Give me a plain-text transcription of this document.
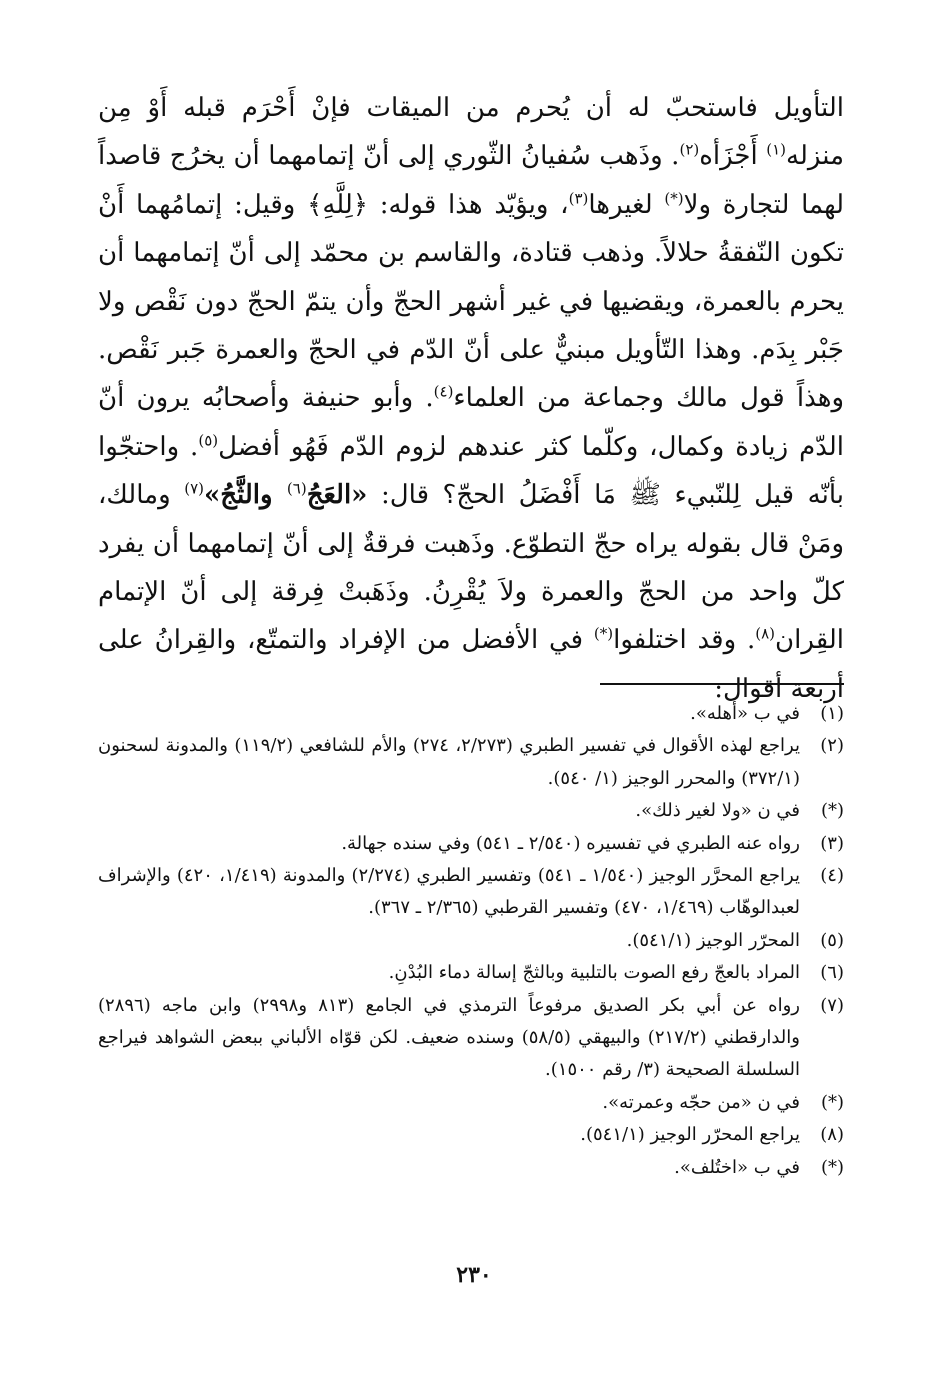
التأويل فاستحبّ له أن يُحرم من الميقات فإنْ أَحْرَم قبله أَوْ مِن منزله$^{(١)}$ أَجْزَأه$^{(٢)}$. وذَهب سُفيانُ الثّوري إلى أنّ إتمامهما أن يخرُج قاصداً لهما لتجارة ولا(*) لغيرها$^{(٣)}$، ويؤيّد هذا قوله: ﴿لِلَّهِ﴾ وقيل: إتمامُهما أَنْ تكون النّفقةُ حلالاً. وذهب قتادة، والقاسم بن محمّد إلى أنّ إتمامهما أن يحرم بالعمرة، ويقضيها في غير أشهر الحجّ وأن يتمّ الحجّ دون نَقْص ولا جَبْر بِدَم. وهذا التّأويل مبنيٌّ على أنّ الدّم في الحجّ والعمرة جَبر نَقْص. وهذاً قول مالك وجماعة من العلماء$^{(٤)}$. وأبو حنيفة وأصحابُه يرون أنّ الدّم زيادة وكمال، وكلّما كثر عندهم لزوم الدّم فَهُو أفضل$^{(٥)}$. واحتجّوا بأنّه قيل لِلنّبيء ﷺ مَا أَفْضَلُ الحجّ؟ قال: «العَجُ$^{(٦)}$ والثَّجُ»$^{(٧)}$ ومالك، ومَنْ قال بقوله يراه حجّ التطوّع. وذَهبت فرقةٌ إلى أنّ إتمامهما أن يفرد كلّ واحد من الحجّ والعمرة ولاَ يُقْرِنُ. وذَهَبتْ فِرقة إلى أنّ الإتمام القِران$^{(٨)}$. وقد اختلفوا(*) في الأفضل من الإفراد والتمتّع، والقِرانُ على أربعة أقوال:

(١)
في ب «أهله».
(٢)
يراجع لهذه الأقوال في تفسير الطبري (٢/٢٧٣، ٢٧٤) والأم للشافعي (١١٩/٢) والمدونة لسحنون (٣٧٢/١) والمحرر الوجيز (١/ ٥٤٠).
(*)
في ن «ولا لغير ذلك».
(٣)
رواه عنه الطبري في تفسيره (٢/٥٤٠ ـ ٥٤١) وفي سنده جهالة.
(٤)
يراجع المحرَّر الوجيز (١/٥٤٠ ـ ٥٤١) وتفسير الطبري (٢/٢٧٤) والمدونة (١/٤١٩، ٤٢٠) والإشراف لعبدالوهّاب (١/٤٦٩، ٤٧٠) وتفسير القرطبي (٢/٣٦٥ ـ ٣٦٧).
(٥)
المحرّر الوجيز (٥٤١/١).
(٦)
المراد بالعجّ رفع الصوت بالتلبية وبالثجّ إسالة دماء البُدْنِ.
(٧)
رواه عن أبي بكر الصديق مرفوعاً الترمذي في الجامع (٨١٣ و٢٩٩٨) وابن ماجه (٢٨٩٦) والدارقطني (٢١٧/٢) والبيهقي (٥٨/٥) وسنده ضعيف. لكن قوّاه الألباني ببعض الشواهد فيراجع السلسلة الصحيحة (٣/ رقم ١٥٠٠).
(*)
في ن «من حجّه وعمرته».
(٨)
يراجع المحرّر الوجيز (٥٤١/١).
(*)
في ب «اختُلف».
٢٣٠
